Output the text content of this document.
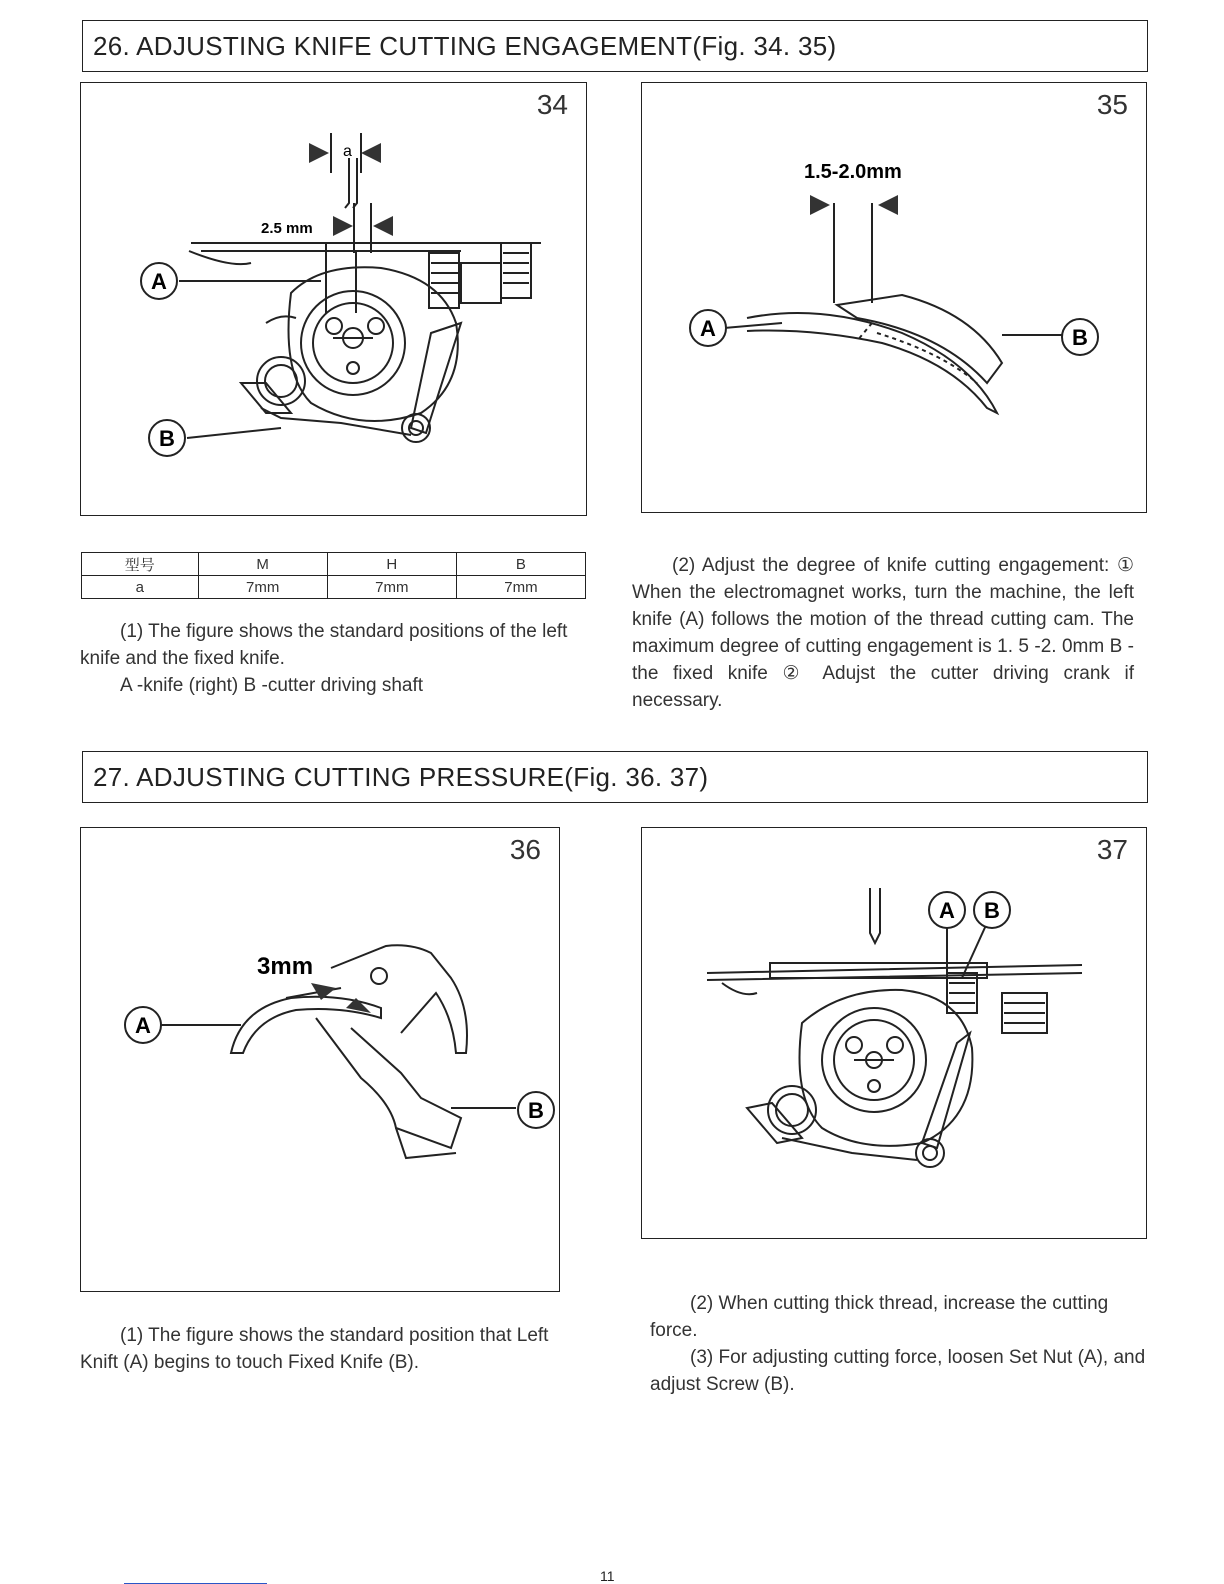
26. ADJUSTING KNIFE CUTTING ENGAGEMENT(Fig. 34. 35)
34
A
B
a
2.5 mm
35
A	B
1.5-2.0mm
型号	M	H	B
a	7mm	7mm	7mm

(1) The figure shows the standard positions of the left knife and the fixed knife.

A -knife (right) B -cutter driving shaft

(2) Adjust the degree of knife cutting engagement: ① When the electromagnet works, turn the machine, the left knife (A) follows the motion of the thread cutting cam. The maximum degree of cutting engagement is 1. 5 -2. 0mm B -the fixed knife ② Adujst the cutter driving crank if necessary.

27. ADJUSTING CUTTING PRESSURE(Fig. 36. 37)
36
A
B
3mm
37
A B

(1) The figure shows the standard position that Left Knift (A) begins to touch Fixed Knife (B).

(2) When cutting thick thread, increase the cutting force.

(3) For adjusting cutting force, loosen Set Nut (A), and adjust Screw (B).

11
